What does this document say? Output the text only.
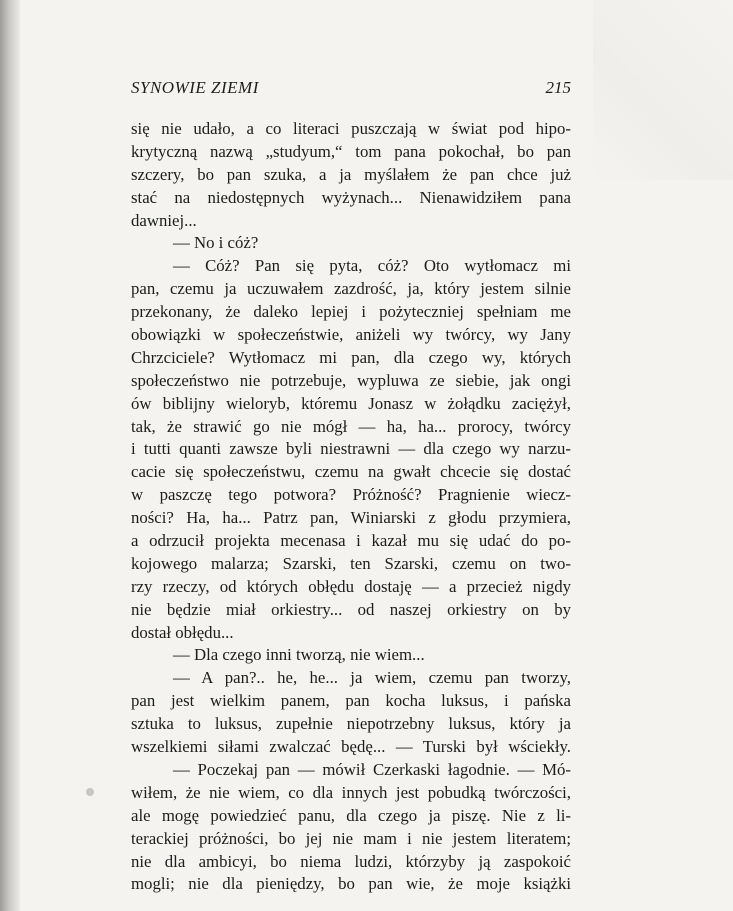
SYNOWIE ZIEMI	215
się nie udało, a co literaci puszczają w świat pod hipo-
krytyczną nazwą „studyum,“ tom pana pokochał, bo pan
szczery, bo pan szuka, a ja myślałem że pan chce już
stać na niedostępnych wyżynach... Nienawidziłem pana
dawniej...
— No i cóż?
— Cóż? Pan się pyta, cóż? Oto wytłomacz mi
pan, czemu ja uczuwałem zazdrość, ja, który jestem silnie
przekonany, że daleko lepiej i pożyteczniej spełniam me
obowiązki w społeczeństwie, aniżeli wy twórcy, wy Jany
Chrzciciele? Wytłomacz mi pan, dla czego wy, których
społeczeństwo nie potrzebuje, wypluwa ze siebie, jak ongi
ów biblijny wieloryb, któremu Jonasz w żołądku zaciężył,
tak, że strawić go nie mógł — ha, ha... prorocy, twórcy
i tutti quanti zawsze byli niestrawni — dla czego wy narzu-
cacie się społeczeństwu, czemu na gwałt chcecie się dostać
w paszczę tego potwora? Próżność? Pragnienie wiecz-
ności? Ha, ha... Patrz pan, Winiarski z głodu przymiera,
a odrzucił projekta mecenasa i kazał mu się udać do po-
kojowego malarza; Szarski, ten Szarski, czemu on two-
rzy rzeczy, od których obłędu dostaję — a przecież nigdy
nie będzie miał orkiestry... od naszej orkiestry on by
dostał obłędu...
— Dla czego inni tworzą, nie wiem...
— A pan?.. he, he... ja wiem, czemu pan tworzy,
pan jest wielkim panem, pan kocha luksus, i pańska
sztuka to luksus, zupełnie niepotrzebny luksus, który ja
wszelkiemi siłami zwalczać będę... — Turski był wściekły.
— Poczekaj pan — mówił Czerkaski łagodnie. — Mó-
wiłem, że nie wiem, co dla innych jest pobudką twórczości,
ale mogę powiedzieć panu, dla czego ja piszę. Nie z li-
terackiej próżności, bo jej nie mam i nie jestem literatem;
nie dla ambicyi, bo niema ludzi, którzyby ją zaspokoić
mogli; nie dla pieniędzy, bo pan wie, że moje książki
